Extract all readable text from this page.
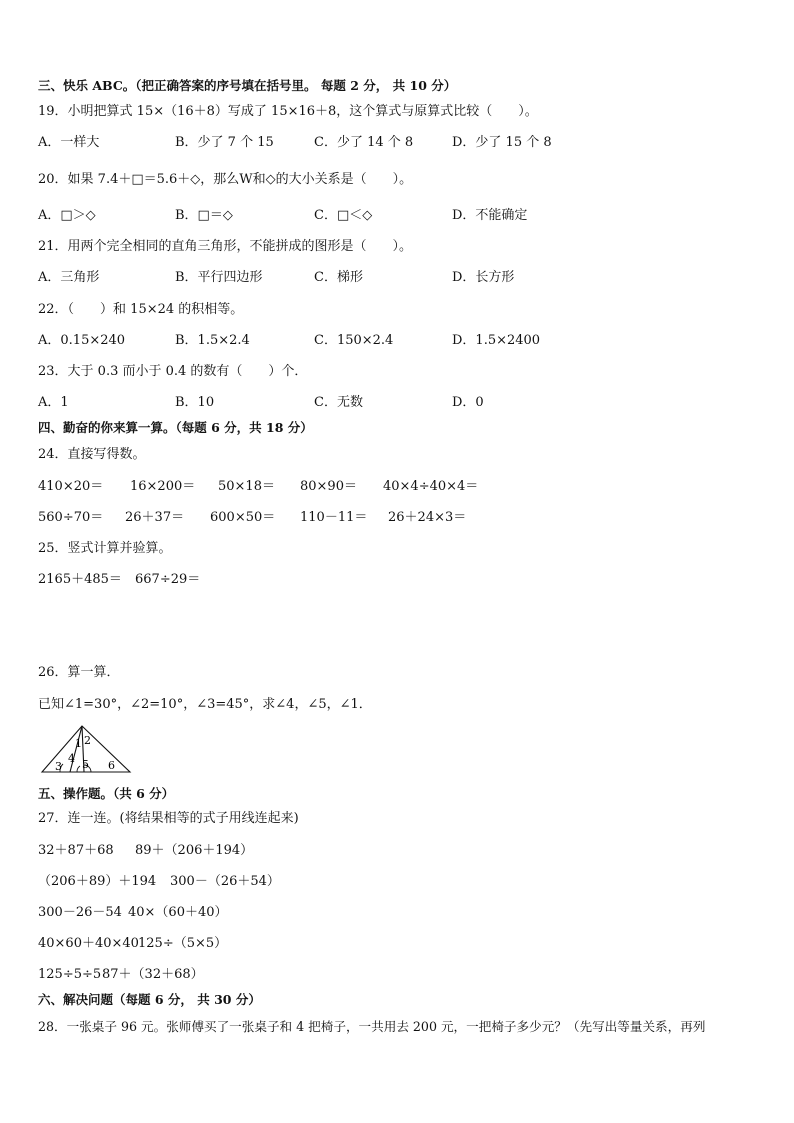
三、快乐 ABC。（把正确答案的序号填在括号里。 每题 2 分， 共 10 分）
19．小明把算式 15×（16＋8）写成了 15×16＋8，这个算式与原算式比较（　　）。
A．一样大	B．少了 7 个 15	C．少了 14 个 8	D．少了 15 个 8
20．如果 7.4＋□＝5.6＋◇，那么W和◇的大小关系是（　　）。
A．□＞◇	B．□＝◇	C．□＜◇	D．不能确定
21．用两个完全相同的直角三角形，不能拼成的图形是（　　）。
A．三角形	B．平行四边形	C．梯形	D．长方形
22．（　　）和 15×24 的积相等。
A．0.15×240	B．1.5×2.4	C．150×2.4	D．1.5×2400
23．大于 0.3 而小于 0.4 的数有（　　）个．
A．1	B．10	C．无数	D．0
四、勤奋的你来算一算。（每题 6 分，共 18 分）
24．直接写得数。
410×20＝ 16×200＝ 50×18＝ 80×90＝ 40×4÷40×4＝
560÷70＝ 26＋37＝ 600×50＝ 110－11＝ 26＋24×3＝
25．竖式计算并验算。
2165＋485＝ 667÷29＝
26．算一算．
已知∠1=30°，∠2=10°，∠3=45°，求∠4，∠5，∠1．
1 2
3
4 5 6
五、操作题。（共 6 分）
27．连一连。(将结果相等的式子用线连起来)
32＋87＋68 89＋（206＋194）
（206＋89）＋194 300－（26＋54）
300－26－54 40×（60＋40）
40×60＋40×40 125÷（5×5）
125÷5÷5 87＋（32＋68）
六、解决问题（每题 6 分， 共 30 分）
28．一张桌子 96 元。张师傅买了一张桌子和 4 把椅子，一共用去 200 元，一把椅子多少元？（先写出等量关系，再列
